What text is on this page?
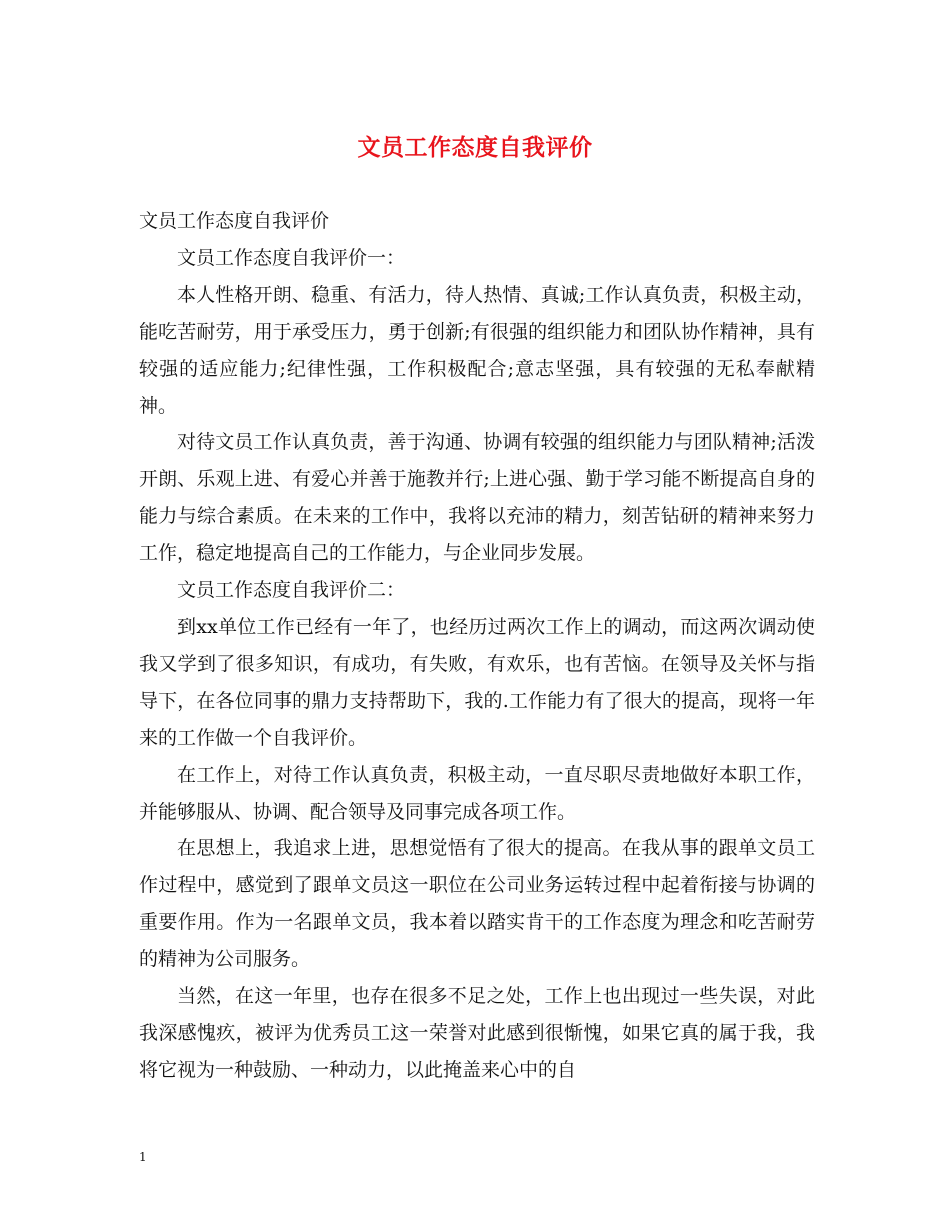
文员工作态度自我评价

文员工作态度自我评价

文员工作态度自我评价一：

本人性格开朗、稳重、有活力，待人热情、真诚;工作认真负责，积极主动，能吃苦耐劳，用于承受压力，勇于创新;有很强的组织能力和团队协作精神，具有较强的适应能力;纪律性强，工作积极配合;意志坚强，具有较强的无私奉献精神。

对待文员工作认真负责，善于沟通、协调有较强的组织能力与团队精神;活泼开朗、乐观上进、有爱心并善于施教并行;上进心强、勤于学习能不断提高自身的能力与综合素质。在未来的工作中，我将以充沛的精力，刻苦钻研的精神来努力工作，稳定地提高自己的工作能力，与企业同步发展。

文员工作态度自我评价二：

到xx单位工作已经有一年了，也经历过两次工作上的调动，而这两次调动使我又学到了很多知识，有成功，有失败，有欢乐，也有苦恼。在领导及关怀与指导下，在各位同事的鼎力支持帮助下，我的.工作能力有了很大的提高，现将一年来的工作做一个自我评价。

在工作上，对待工作认真负责，积极主动，一直尽职尽责地做好本职工作，并能够服从、协调、配合领导及同事完成各项工作。

在思想上，我追求上进，思想觉悟有了很大的提高。在我从事的跟单文员工作过程中，感觉到了跟单文员这一职位在公司业务运转过程中起着衔接与协调的重要作用。作为一名跟单文员，我本着以踏实肯干的工作态度为理念和吃苦耐劳的精神为公司服务。

当然，在这一年里，也存在很多不足之处，工作上也出现过一些失误，对此我深感愧疚，被评为优秀员工这一荣誉对此感到很惭愧，如果它真的属于我，我将它视为一种鼓励、一种动力，以此掩盖来心中的自

1
